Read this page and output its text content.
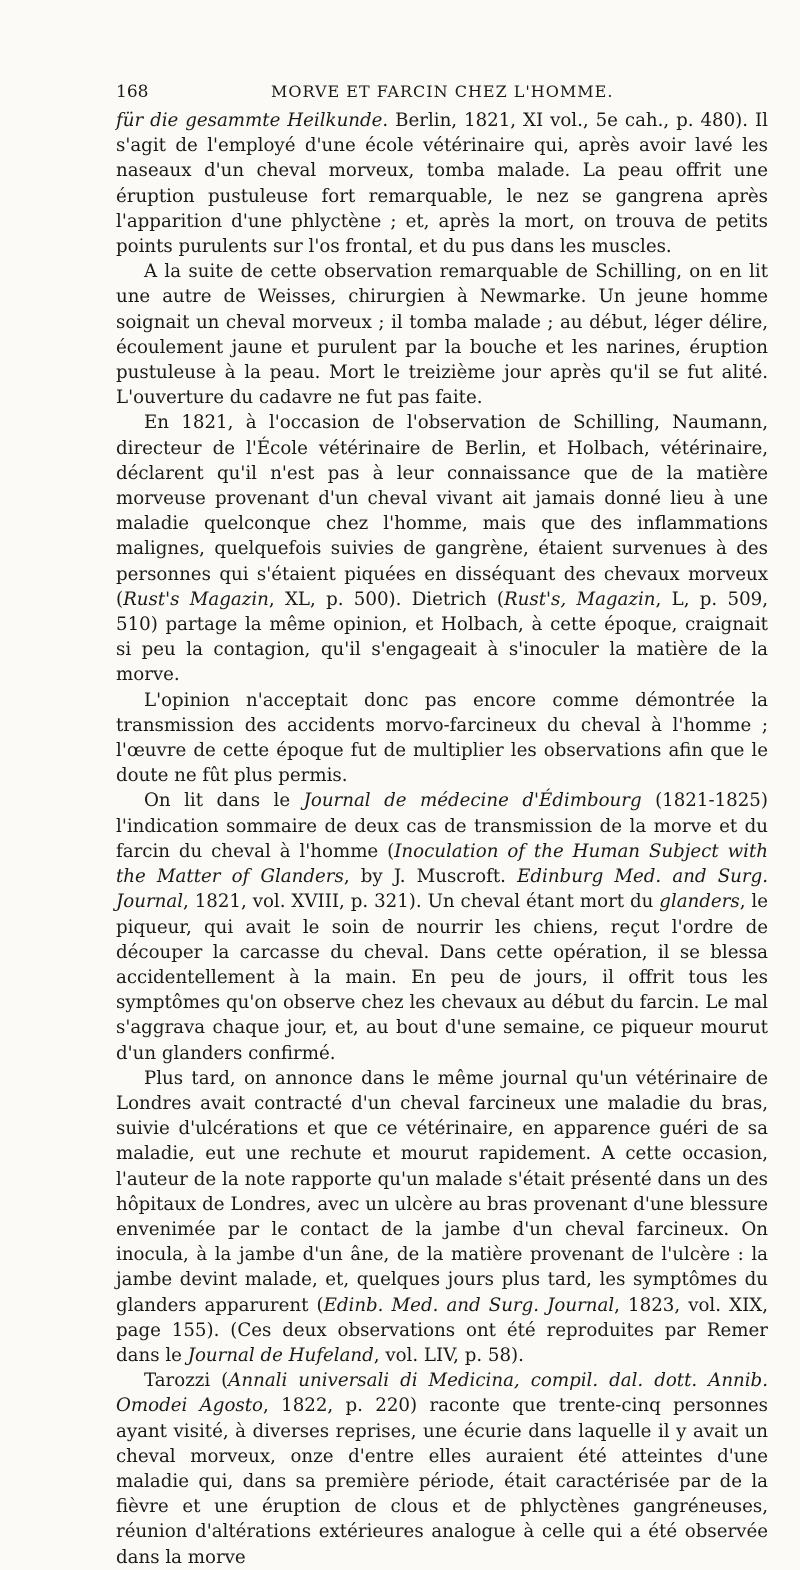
168	MORVE ET FARCIN CHEZ L'HOMME.

für die gesammte Heilkunde. Berlin, 1821, XI vol., 5e cah., p. 480). Il s'agit de l'employé d'une école vétérinaire qui, après avoir lavé les naseaux d'un cheval morveux, tomba malade. La peau offrit une éruption pustuleuse fort remarquable, le nez se gangrena après l'apparition d'une phlyctène ; et, après la mort, on trouva de petits points purulents sur l'os frontal, et du pus dans les muscles.

A la suite de cette observation remarquable de Schilling, on en lit une autre de Weisses, chirurgien à Newmarke. Un jeune homme soignait un cheval morveux ; il tomba malade ; au début, léger délire, écoulement jaune et purulent par la bouche et les narines, éruption pustuleuse à la peau. Mort le treizième jour après qu'il se fut alité. L'ouverture du cadavre ne fut pas faite.

En 1821, à l'occasion de l'observation de Schilling, Naumann, directeur de l'École vétérinaire de Berlin, et Holbach, vétérinaire, déclarent qu'il n'est pas à leur connaissance que de la matière morveuse provenant d'un cheval vivant ait jamais donné lieu à une maladie quelconque chez l'homme, mais que des inflammations malignes, quelquefois suivies de gangrène, étaient survenues à des personnes qui s'étaient piquées en disséquant des chevaux morveux (Rust's Magazin, XL, p. 500). Dietrich (Rust's, Magazin, L, p. 509, 510) partage la même opinion, et Holbach, à cette époque, craignait si peu la contagion, qu'il s'engageait à s'inoculer la matière de la morve.

L'opinion n'acceptait donc pas encore comme démontrée la transmission des accidents morvo-farcineux du cheval à l'homme ; l'œuvre de cette époque fut de multiplier les observations afin que le doute ne fût plus permis.

On lit dans le Journal de médecine d'Édimbourg (1821-1825) l'indication sommaire de deux cas de transmission de la morve et du farcin du cheval à l'homme (Inoculation of the Human Subject with the Matter of Glanders, by J. Muscroft. Edinburg Med. and Surg. Journal, 1821, vol. XVIII, p. 321). Un cheval étant mort du glanders, le piqueur, qui avait le soin de nourrir les chiens, reçut l'ordre de découper la carcasse du cheval. Dans cette opération, il se blessa accidentellement à la main. En peu de jours, il offrit tous les symptômes qu'on observe chez les chevaux au début du farcin. Le mal s'aggrava chaque jour, et, au bout d'une semaine, ce piqueur mourut d'un glanders confirmé.

Plus tard, on annonce dans le même journal qu'un vétérinaire de Londres avait contracté d'un cheval farcineux une maladie du bras, suivie d'ulcérations et que ce vétérinaire, en apparence guéri de sa maladie, eut une rechute et mourut rapidement. A cette occasion, l'auteur de la note rapporte qu'un malade s'était présenté dans un des hôpitaux de Londres, avec un ulcère au bras provenant d'une blessure envenimée par le contact de la jambe d'un cheval farcineux. On inocula, à la jambe d'un âne, de la matière provenant de l'ulcère : la jambe devint malade, et, quelques jours plus tard, les symptômes du glanders apparurent (Edinb. Med. and Surg. Journal, 1823, vol. XIX, page 155). (Ces deux observations ont été reproduites par Remer dans le Journal de Hufeland, vol. LIV, p. 58).

Tarozzi (Annali universali di Medicina, compil. dal. dott. Annib. Omodei Agosto, 1822, p. 220) raconte que trente-cinq personnes ayant visité, à diverses reprises, une écurie dans laquelle il y avait un cheval morveux, onze d'entre elles auraient été atteintes d'une maladie qui, dans sa première période, était caractérisée par de la fièvre et une éruption de clous et de phlyctènes gangréneuses, réunion d'altérations extérieures analogue à celle qui a été observée dans la morve
